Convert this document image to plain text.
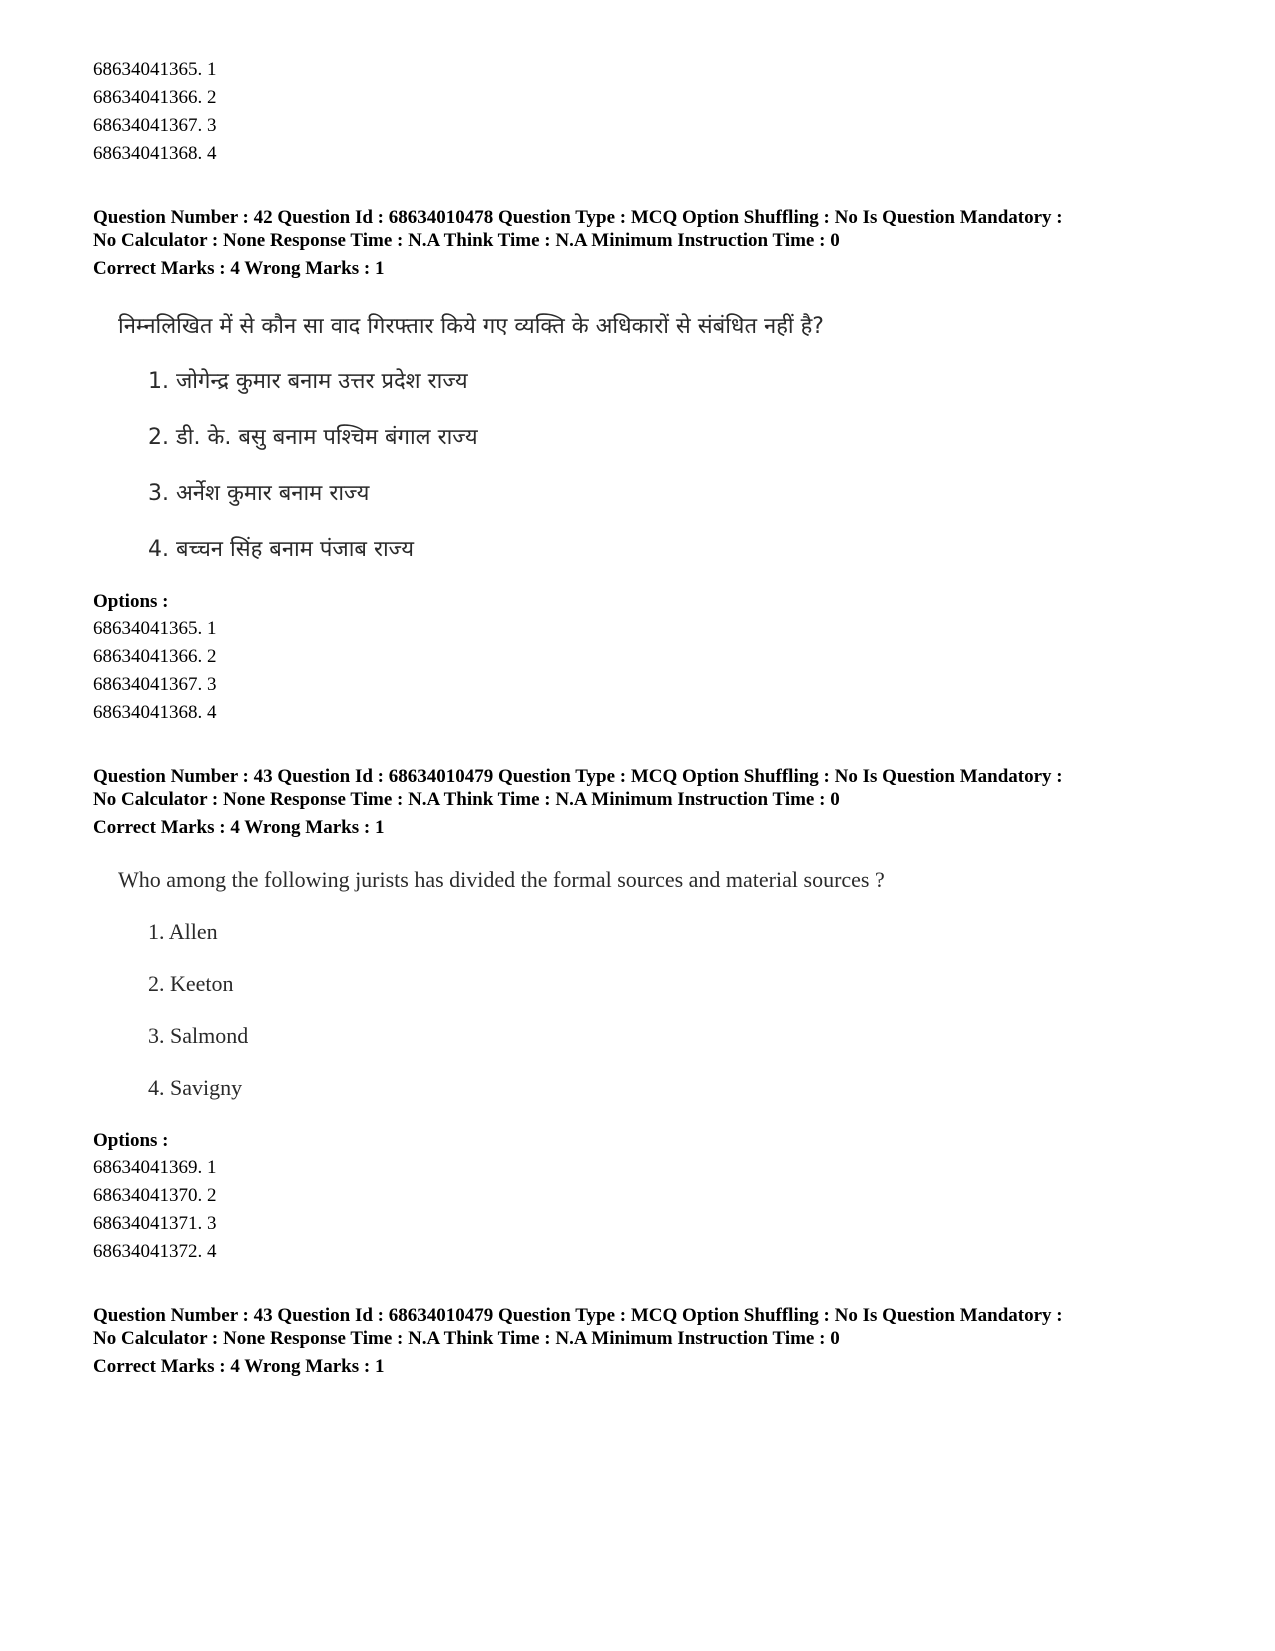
68634041365. 1
68634041366. 2
68634041367. 3
68634041368. 4
Question Number : 42 Question Id : 68634010478 Question Type : MCQ Option Shuffling : No Is Question Mandatory :
No Calculator : None Response Time : N.A Think Time : N.A Minimum Instruction Time : 0
Correct Marks : 4 Wrong Marks : 1
निम्नलिखित में से कौन सा वाद गिरफ्तार किये गए व्यक्ति के अधिकारों से संबंधित नहीं है?
1. जोगेन्द्र कुमार बनाम उत्तर प्रदेश राज्य
2. डी. के. बसु बनाम पश्चिम बंगाल राज्य
3. अर्नेश कुमार बनाम राज्य
4. बच्चन सिंह बनाम पंजाब राज्य
Options :
68634041365. 1
68634041366. 2
68634041367. 3
68634041368. 4
Question Number : 43 Question Id : 68634010479 Question Type : MCQ Option Shuffling : No Is Question Mandatory :
No Calculator : None Response Time : N.A Think Time : N.A Minimum Instruction Time : 0
Correct Marks : 4 Wrong Marks : 1
Who among the following jurists has divided the formal sources and material sources ?
1. Allen
2. Keeton
3. Salmond
4. Savigny
Options :
68634041369. 1
68634041370. 2
68634041371. 3
68634041372. 4
Question Number : 43 Question Id : 68634010479 Question Type : MCQ Option Shuffling : No Is Question Mandatory :
No Calculator : None Response Time : N.A Think Time : N.A Minimum Instruction Time : 0
Correct Marks : 4 Wrong Marks : 1
